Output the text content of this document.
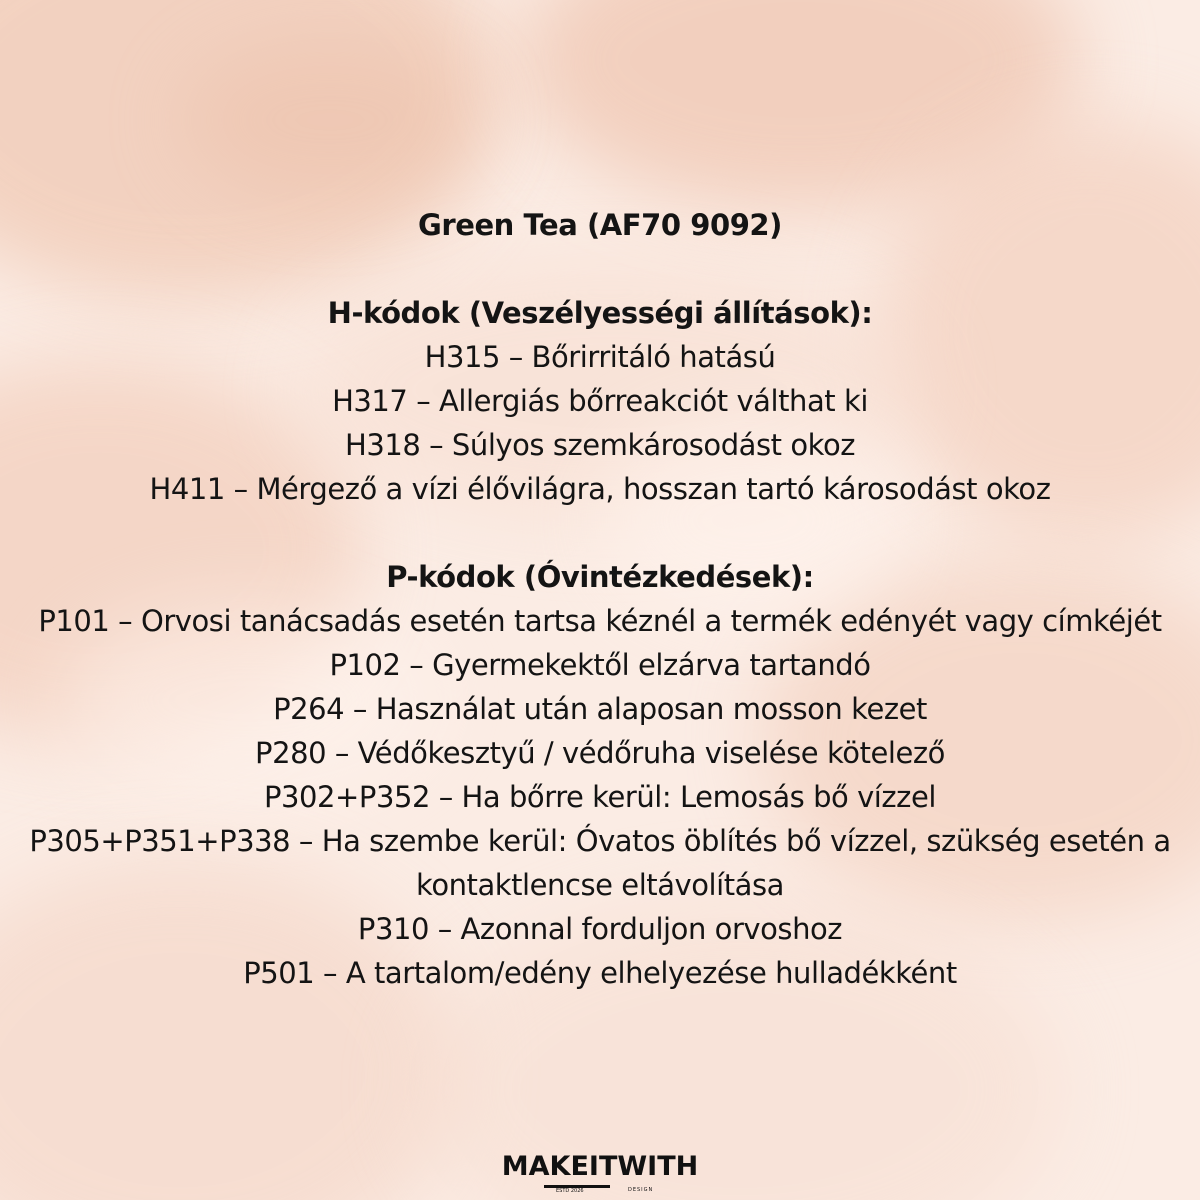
Green Tea (AF70 9092)
H-kódok (Veszélyességi állítások):
H315 – Bőrirritáló hatású
H317 – Allergiás bőrreakciót válthat ki
H318 – Súlyos szemkárosodást okoz
H411 – Mérgező a vízi élővilágra, hosszan tartó károsodást okoz
P-kódok (Óvintézkedések):
P101 – Orvosi tanácsadás esetén tartsa kéznél a termék edényét vagy címkéjét
P102 – Gyermekektől elzárva tartandó
P264 – Használat után alaposan mosson kezet
P280 – Védőkesztyű / védőruha viselése kötelező
P302+P352 – Ha bőrre kerül: Lemosás bő vízzel
P305+P351+P338 – Ha szembe kerül: Óvatos öblítés bő vízzel, szükség esetén a kontaktlencse eltávolítása
P310 – Azonnal forduljon orvoshoz
P501 – A tartalom/edény elhelyezése hulladékként
MAKEITWITH
ESTD 2026	DESIGN
